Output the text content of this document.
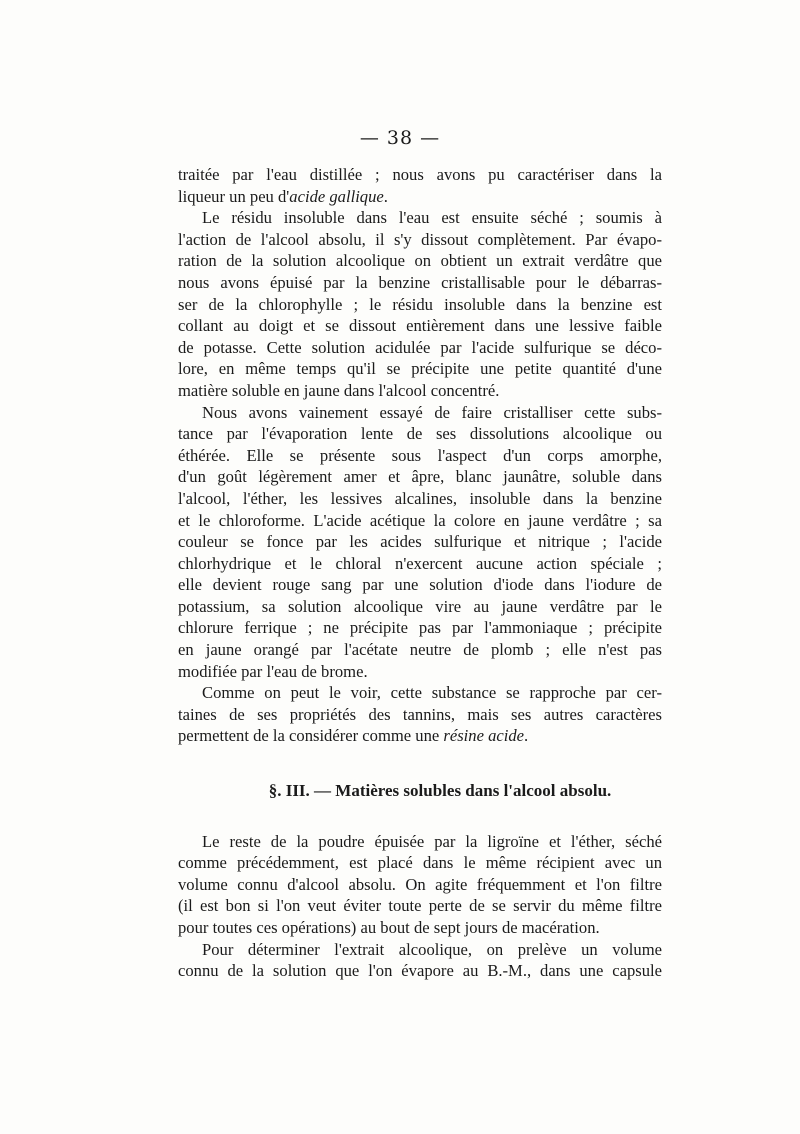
— 38 —
traitée par l'eau distillée ; nous avons pu caractériser dans la
liqueur un peu d'acide gallique.
Le résidu insoluble dans l'eau est ensuite séché ; soumis à
l'action de l'alcool absolu, il s'y dissout complètement. Par évapo-
ration de la solution alcoolique on obtient un extrait verdâtre que
nous avons épuisé par la benzine cristallisable pour le débarras-
ser de la chlorophylle ; le résidu insoluble dans la benzine est
collant au doigt et se dissout entièrement dans une lessive faible
de potasse. Cette solution acidulée par l'acide sulfurique se déco-
lore, en même temps qu'il se précipite une petite quantité d'une
matière soluble en jaune dans l'alcool concentré.
Nous avons vainement essayé de faire cristalliser cette subs-
tance par l'évaporation lente de ses dissolutions alcoolique ou
éthérée. Elle se présente sous l'aspect d'un corps amorphe,
d'un goût légèrement amer et âpre, blanc jaunâtre, soluble dans
l'alcool, l'éther, les lessives alcalines, insoluble dans la benzine
et le chloroforme. L'acide acétique la colore en jaune verdâtre ; sa
couleur se fonce par les acides sulfurique et nitrique ; l'acide
chlorhydrique et le chloral n'exercent aucune action spéciale ;
elle devient rouge sang par une solution d'iode dans l'iodure de
potassium, sa solution alcoolique vire au jaune verdâtre par le
chlorure ferrique ; ne précipite pas par l'ammoniaque ; précipite
en jaune orangé par l'acétate neutre de plomb ; elle n'est pas
modifiée par l'eau de brome.
Comme on peut le voir, cette substance se rapproche par cer-
taines de ses propriétés des tannins, mais ses autres caractères
permettent de la considérer comme une résine acide.
§. III. — Matières solubles dans l'alcool absolu.
Le reste de la poudre épuisée par la ligroïne et l'éther, séché
comme précédemment, est placé dans le même récipient avec un
volume connu d'alcool absolu. On agite fréquemment et l'on filtre
(il est bon si l'on veut éviter toute perte de se servir du même filtre
pour toutes ces opérations) au bout de sept jours de macération.
Pour déterminer l'extrait alcoolique, on prelève un volume
connu de la solution que l'on évapore au B.-M., dans une capsule
